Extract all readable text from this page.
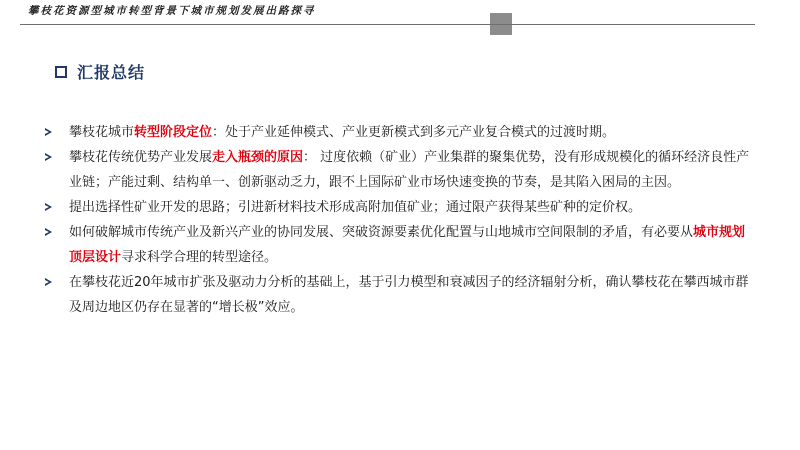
攀枝花资源型城市转型背景下城市规划发展出路探寻
汇报总结
攀枝花城市转型阶段定位：处于产业延伸模式、产业更新模式到多元产业复合模式的过渡时期。
攀枝花传统优势产业发展走入瓶颈的原因： 过度依赖（矿业）产业集群的聚集优势，没有形成规模化的循环经济良性产业链；产能过剩、结构单一、创新驱动乏力，跟不上国际矿业市场快速变换的节奏，是其陷入困局的主因。
提出选择性矿业开发的思路；引进新材料技术形成高附加值矿业；通过限产获得某些矿种的定价权。
如何破解城市传统产业及新兴产业的协同发展、突破资源要素优化配置与山地城市空间限制的矛盾，有必要从城市规划顶层设计寻求科学合理的转型途径。
在攀枝花近20年城市扩张及驱动力分析的基础上，基于引力模型和衰减因子的经济辐射分析，确认攀枝花在攀西城市群及周边地区仍存在显著的“增长极”效应。
